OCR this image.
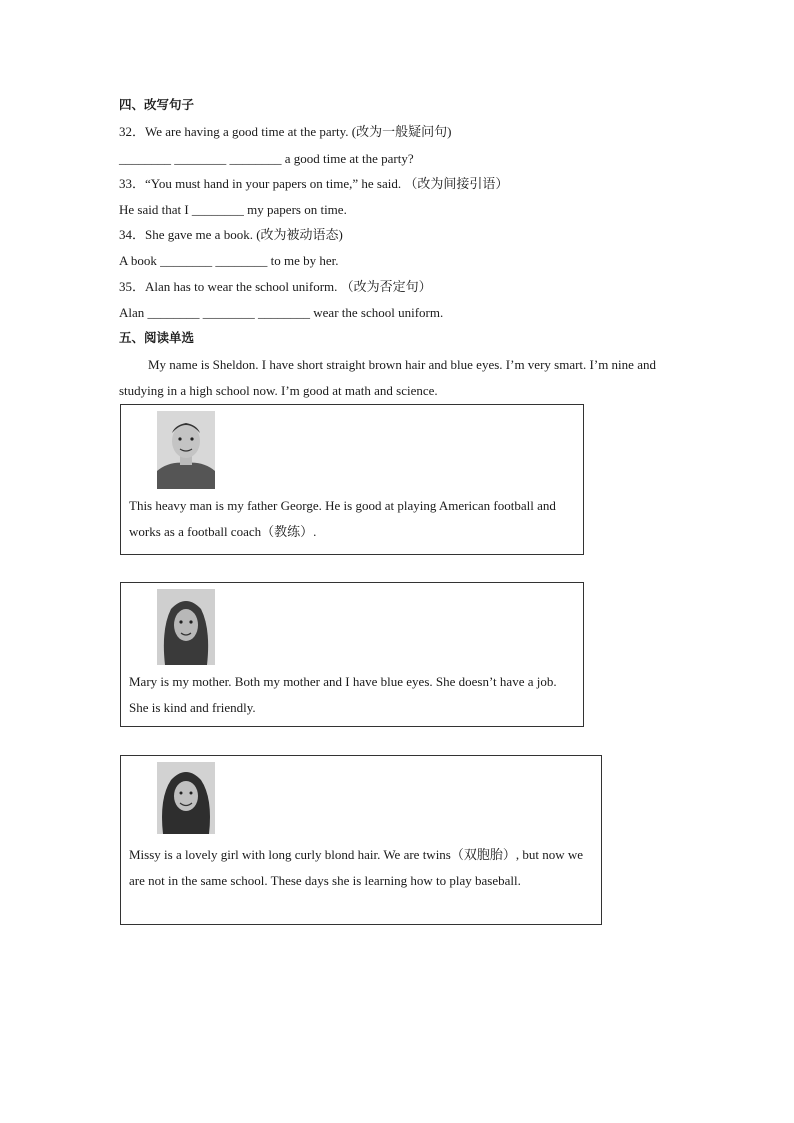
四、改写句子
32．We are having a good time at the party. (改为一般疑问句)
________ ________ ________ a good time at the party?
33．“You must hand in your papers on time,” he said. （改为间接引语）
He said that I ________ my papers on time.
34．She gave me a book. (改为被动语态)
A book ________ ________ to me by her.
35．Alan has to wear the school uniform. （改为否定句）
Alan ________ ________ ________ wear the school uniform.
五、阅读单选
My name is Sheldon. I have short straight brown hair and blue eyes. I’m very smart. I’m nine and studying in a high school now. I’m good at math and science.
This heavy man is my father George. He is good at playing American football and works as a football coach（教练）.
Mary is my mother. Both my mother and I have blue eyes. She doesn’t have a job. She is kind and friendly.
Missy is a lovely girl with long curly blond hair. We are twins（双胞胎）, but now we are not in the same school. These days she is learning how to play baseball.
